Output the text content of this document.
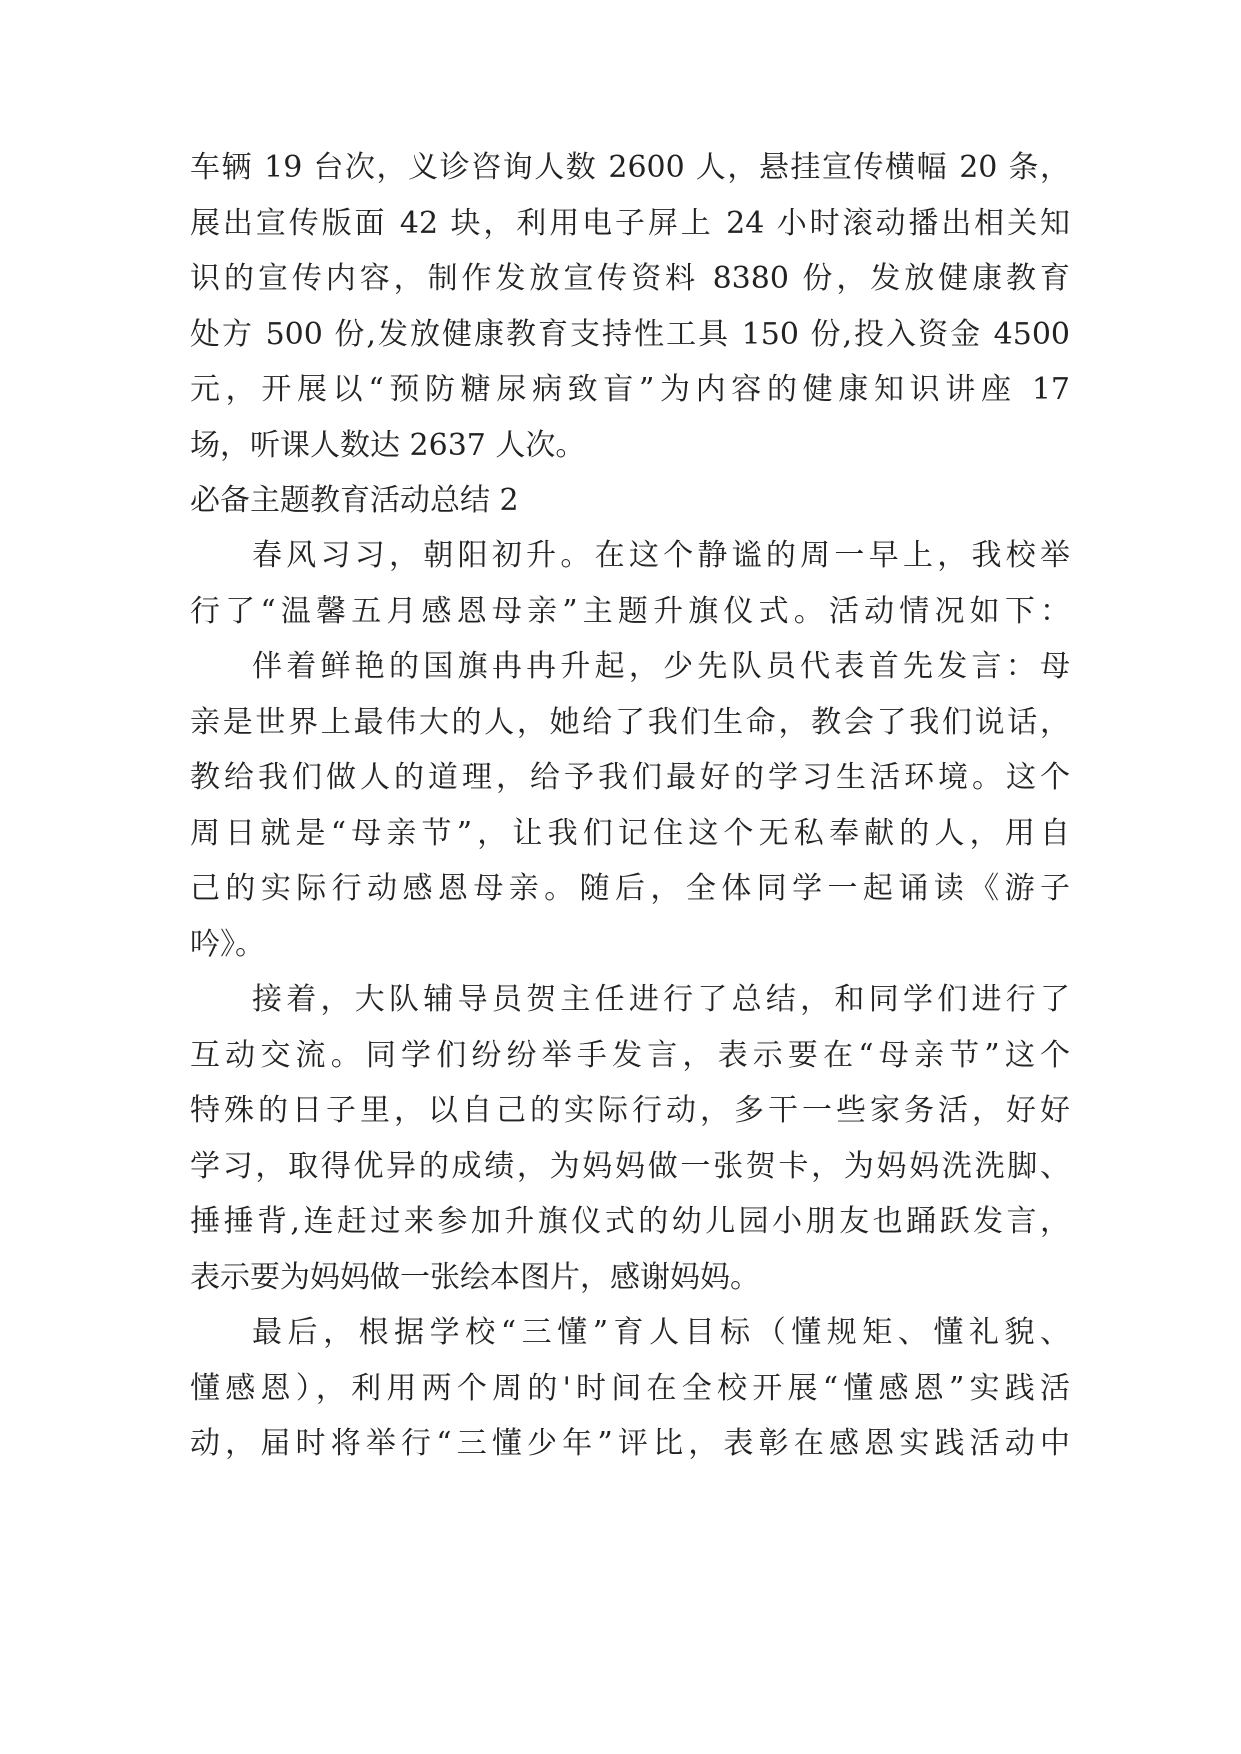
车辆 19 台次，义诊咨询人数 2600 人，悬挂宣传横幅 20 条，
展出宣传版面 42 块，利用电子屏上 24 小时滚动播出相关知
识的宣传内容，制作发放宣传资料 8380 份，发放健康教育
处方 500 份,发放健康教育支持性工具 150 份,投入资金 4500
元，开展以“预防糖尿病致盲”为内容的健康知识讲座 17
场，听课人数达 2637 人次。
必备主题教育活动总结 2
春风习习，朝阳初升。在这个静谧的周一早上，我校举
行了“温馨五月感恩母亲”主题升旗仪式。活动情况如下：
伴着鲜艳的国旗冉冉升起，少先队员代表首先发言：母
亲是世界上最伟大的人，她给了我们生命，教会了我们说话，
教给我们做人的道理，给予我们最好的学习生活环境。这个
周日就是“母亲节”，让我们记住这个无私奉献的人，用自
己的实际行动感恩母亲。随后，全体同学一起诵读《游子
吟》。
接着，大队辅导员贺主任进行了总结，和同学们进行了
互动交流。同学们纷纷举手发言，表示要在“母亲节”这个
特殊的日子里，以自己的实际行动，多干一些家务活，好好
学习，取得优异的成绩，为妈妈做一张贺卡，为妈妈洗洗脚、
捶捶背,连赶过来参加升旗仪式的幼儿园小朋友也踊跃发言，
表示要为妈妈做一张绘本图片，感谢妈妈。
最后，根据学校“三懂”育人目标（懂规矩、懂礼貌、
懂感恩），利用两个周的'时间在全校开展“懂感恩”实践活
动，届时将举行“三懂少年”评比，表彰在感恩实践活动中
